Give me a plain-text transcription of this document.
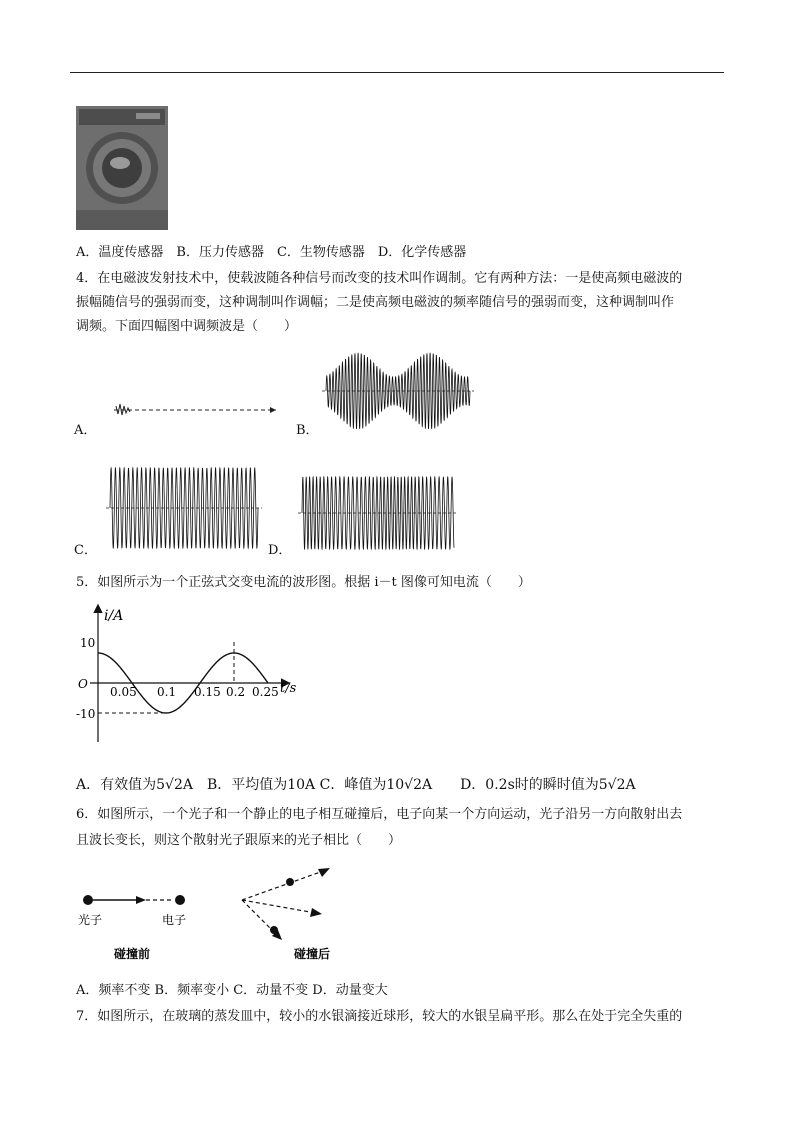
A．温度传感器　B．压力传感器　C．生物传感器　D．化学传感器
4．在电磁波发射技术中，使载波随各种信号而改变的技术叫作调制。它有两种方法：一是使高频电磁波的
振幅随信号的强弱而变，这种调制叫作调幅；二是使高频电磁波的频率随信号的强弱而变，这种调制叫作
调频。下面四幅图中调频波是（　　）
A．	B．
C．	D．
5．如图所示为一个正弦式交变电流的波形图。根据 i－t 图像可知电流（　　）
i/A
t/s
O
10
-10
0.05 0.1 0.15 0.2 0.25
A．有效值为5√2A　B．平均值为10A C．峰值为10√2A　　D．0.2s时的瞬时值为5√2A
6．如图所示，一个光子和一个静止的电子相互碰撞后，电子向某一个方向运动，光子沿另一方向散射出去
且波长变长，则这个散射光子跟原来的光子相比（　　）
光子	电子
碰撞前	碰撞后
A．频率不变 B．频率变小 C．动量不变 D．动量变大
7．如图所示，在玻璃的蒸发皿中，较小的水银滴接近球形，较大的水银呈扁平形。那么在处于完全失重的
